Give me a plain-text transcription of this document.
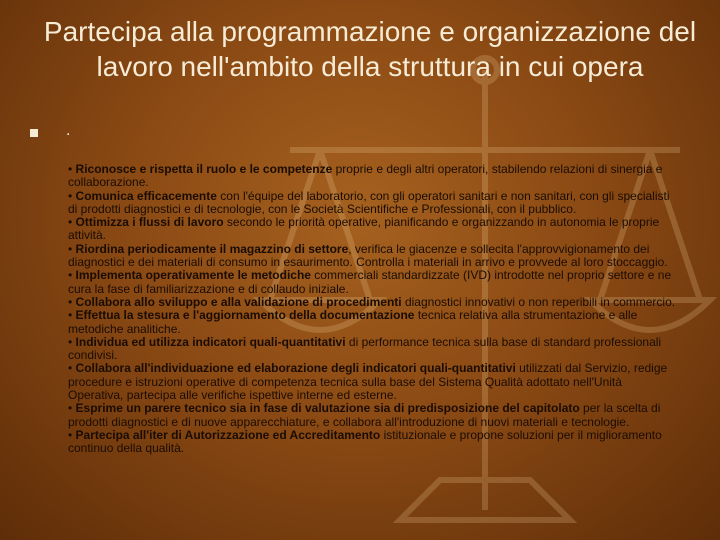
Partecipa alla programmazione e organizzazione del lavoro nell'ambito della struttura in cui opera
.

• Riconosce e rispetta il ruolo e le competenze proprie e degli altri operatori, stabilendo relazioni di sinergia e collaborazione.

• Comunica efficacemente con l'équipe del laboratorio, con gli operatori sanitari e non sanitari, con gli specialisti di prodotti diagnostici e di tecnologie, con le Società Scientifiche e Professionali, con il pubblico.

• Ottimizza i flussi di lavoro secondo le priorità operative, pianificando e organizzando in autonomia le proprie attività.

• Riordina periodicamente il magazzino di settore, verifica le giacenze e sollecita l'approvvigionamento dei diagnostici e dei materiali di consumo in esaurimento. Controlla i materiali in arrivo e provvede al loro stoccaggio.

• Implementa operativamente le metodiche commerciali standardizzate (IVD) introdotte nel proprio settore e ne cura la fase di familiarizzazione e di collaudo iniziale.

• Collabora allo sviluppo e alla validazione di procedimenti diagnostici innovativi o non reperibili in commercio.

• Effettua la stesura e l'aggiornamento della documentazione tecnica relativa alla strumentazione e alle metodiche analitiche.

• Individua ed utilizza indicatori quali-quantitativi di performance tecnica sulla base di standard professionali condivisi.

• Collabora all'individuazione ed elaborazione degli indicatori quali-quantitativi utilizzati dal Servizio, redige procedure e istruzioni operative di competenza tecnica sulla base del Sistema Qualità adottato nell'Unità Operativa, partecipa alle verifiche ispettive interne ed esterne.

• Esprime un parere tecnico sia in fase di valutazione sia di predisposizione del capitolato per la scelta di prodotti diagnostici e di nuove apparecchiature, e collabora all'introduzione di nuovi materiali e tecnologie.

• Partecipa all'iter di Autorizzazione ed Accreditamento istituzionale e propone soluzioni per il miglioramento continuo della qualità.
